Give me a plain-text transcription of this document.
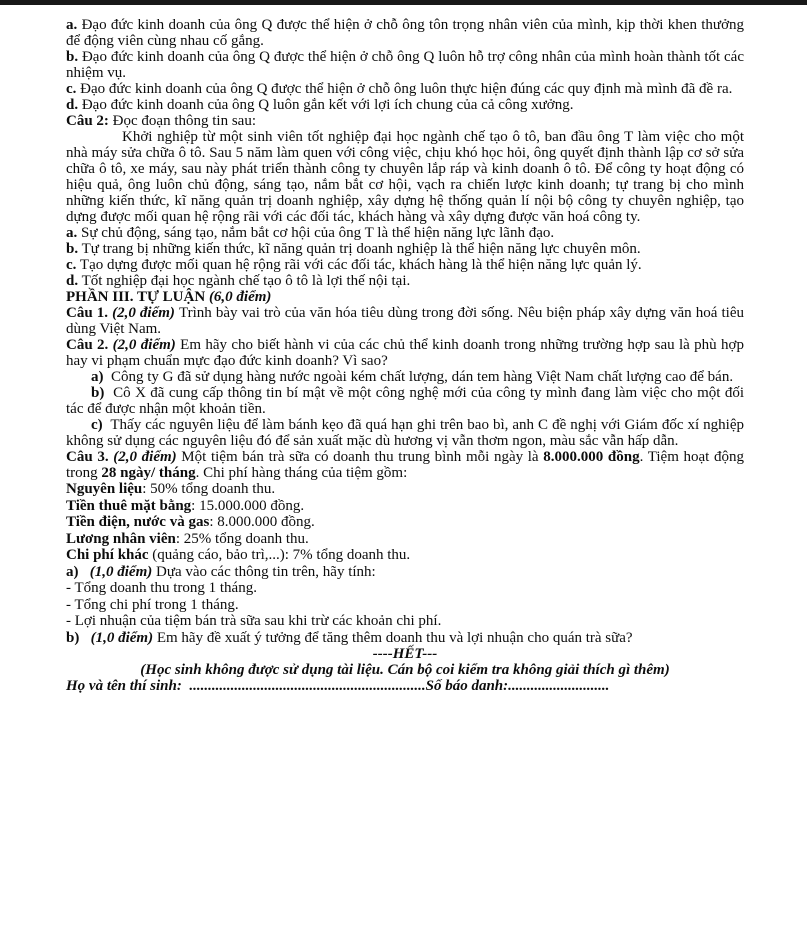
a. Đạo đức kinh doanh của ông Q được thể hiện ở chỗ ông tôn trọng nhân viên của mình, kịp thời khen thưởng để động viên cùng nhau cố gắng.

b. Đạo đức kinh doanh của ông Q được thể hiện ở chỗ ông Q luôn hỗ trợ công nhân của mình hoàn thành tốt các nhiệm vụ.

c. Đạo đức kinh doanh của ông Q được thể hiện ở chỗ ông luôn thực hiện đúng các quy định mà mình đã đề ra.

d. Đạo đức kinh doanh của ông Q luôn gắn kết với lợi ích chung của cả công xưởng.

Câu 2: Đọc đoạn thông tin sau:

Khởi nghiệp từ một sinh viên tốt nghiệp đại học ngành chế tạo ô tô, ban đầu ông T làm việc cho một nhà máy sửa chữa ô tô. Sau 5 năm làm quen với công việc, chịu khó học hỏi, ông quyết định thành lập cơ sở sửa chữa ô tô, xe máy, sau này phát triển thành công ty chuyên lắp ráp và kinh doanh ô tô. Để công ty hoạt động có hiệu quả, ông luôn chủ động, sáng tạo, nắm bắt cơ hội, vạch ra chiến lược kinh doanh; tự trang bị cho mình những kiến thức, kĩ năng quản trị doanh nghiệp, xây dựng hệ thống quản lí nội bộ công ty chuyên nghiệp, tạo dựng được mối quan hệ rộng rãi với các đối tác, khách hàng và xây dựng được văn hoá công ty.

a. Sự chủ động, sáng tạo, nắm bắt cơ hội của ông T là thể hiện năng lực lãnh đạo.

b. Tự trang bị những kiến thức, kĩ năng quản trị doanh nghiệp là thể hiện năng lực chuyên môn.

c. Tạo dựng được mối quan hệ rộng rãi với các đối tác, khách hàng là thể hiện năng lực quản lý.

d. Tốt nghiệp đại học ngành chế tạo ô tô là lợi thế nội tại.

PHẦN III. TỰ LUẬN (6,0 điểm)

Câu 1. (2,0 điểm) Trình bày vai trò của văn hóa tiêu dùng trong đời sống. Nêu biện pháp xây dựng văn hoá tiêu dùng Việt Nam.

Câu 2. (2,0 điểm) Em hãy cho biết hành vi của các chủ thể kinh doanh trong những trường hợp sau là phù hợp hay vi phạm chuẩn mực đạo đức kinh doanh? Vì sao?

a)  Công ty G đã sử dụng hàng nước ngoài kém chất lượng, dán tem hàng Việt Nam chất lượng cao để bán.

b)  Cô X đã cung cấp thông tin bí mật về một công nghệ mới của công ty mình đang làm việc cho một đối tác để được nhận một khoản tiền.

c)  Thấy các nguyên liệu để làm bánh kẹo đã quá hạn ghi trên bao bì, anh C đề nghị với Giám đốc xí nghiệp không sử dụng các nguyên liệu đó để sản xuất mặc dù hương vị vẫn thơm ngon, màu sắc vẫn hấp dẫn.

Câu 3. (2,0 điểm) Một tiệm bán trà sữa có doanh thu trung bình mỗi ngày là 8.000.000 đồng. Tiệm hoạt động trong 28 ngày/ tháng. Chi phí hàng tháng của tiệm gồm:

Nguyên liệu: 50% tổng doanh thu.

Tiền thuê mặt bằng: 15.000.000 đồng.

Tiền điện, nước và gas: 8.000.000 đồng.

Lương nhân viên: 25% tổng doanh thu.

Chi phí khác (quảng cáo, bảo trì,...): 7% tổng doanh thu.

a)   (1,0 điểm) Dựa vào các thông tin trên, hãy tính:

- Tổng doanh thu trong 1 tháng.

- Tổng chi phí trong 1 tháng.

- Lợi nhuận của tiệm bán trà sữa sau khi trừ các khoản chi phí.

b)   (1,0 điểm) Em hãy đề xuất ý tưởng để tăng thêm doanh thu và lợi nhuận cho quán trà sữa?

----HẾT---

(Học sinh không được sử dụng tài liệu. Cán bộ coi kiểm tra không giải thích gì thêm)

Họ và tên thí sinh: ...............................................................Số báo danh:...........................
